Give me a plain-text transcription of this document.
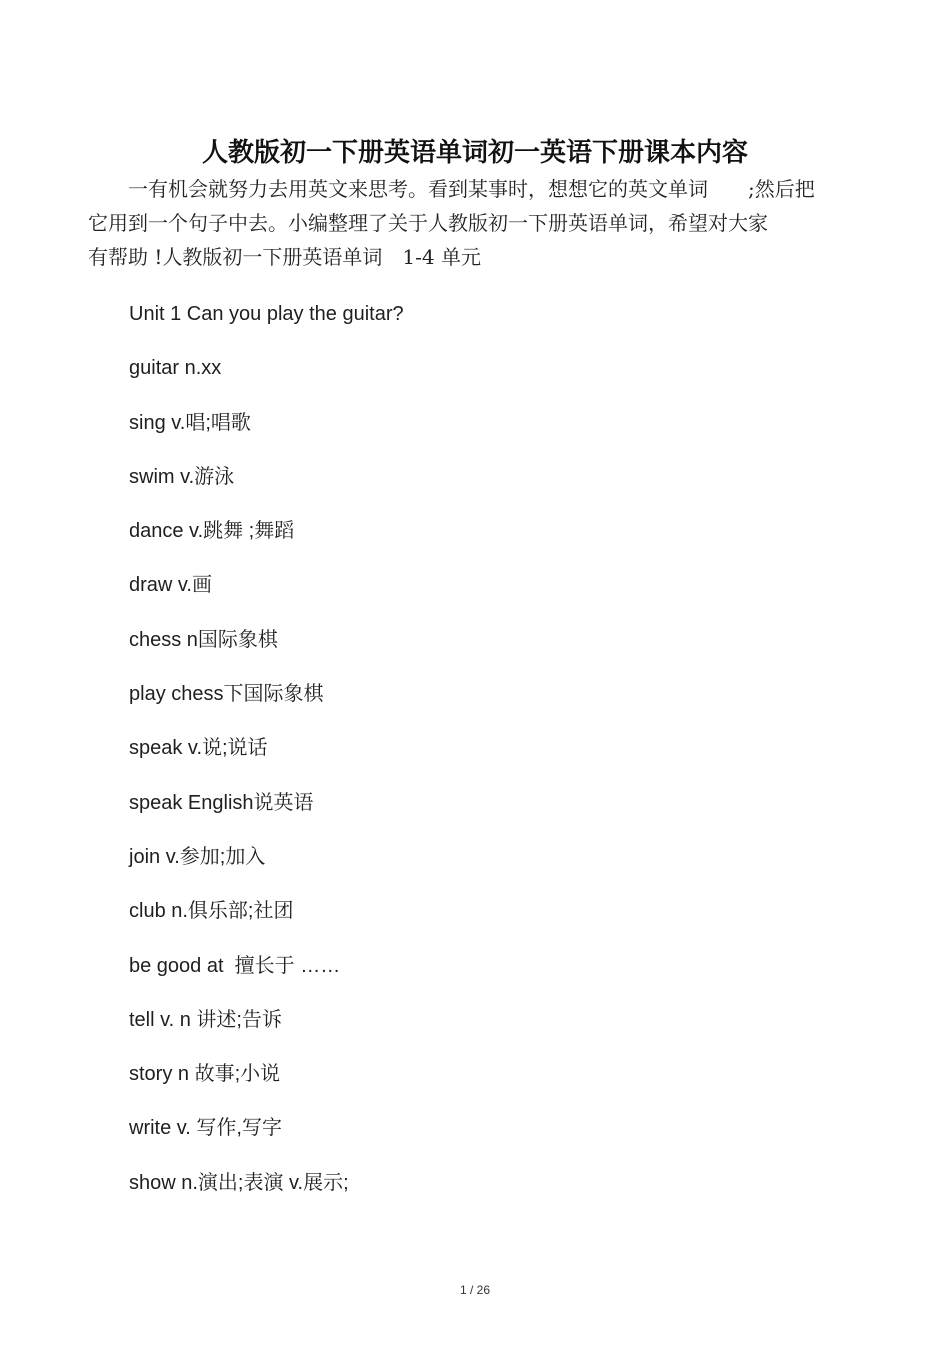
人教版初一下册英语单词初一英语下册课本内容
一有机会就努力去用英文来思考。看到某事时，想想它的英文单词　　;然后把
它用到一个句子中去。小编整理了关于人教版初一下册英语单词，希望对大家
有帮助 !人教版初一下册英语单词　1-4 单元
Unit 1 Can you play the guitar?
guitar n.xx
sing v.唱;唱歌
swim v.游泳
dance v.跳舞 ;舞蹈
draw v.画
chess n国际象棋
play chess下国际象棋
speak v.说;说话
speak English说英语
join v.参加;加入
club n.俱乐部;社团
be good at  擅长于 ……
tell v. n 讲述;告诉
story n 故事;小说
write v. 写作,写字
show n.演出;表演 v.展示;
1 / 26
